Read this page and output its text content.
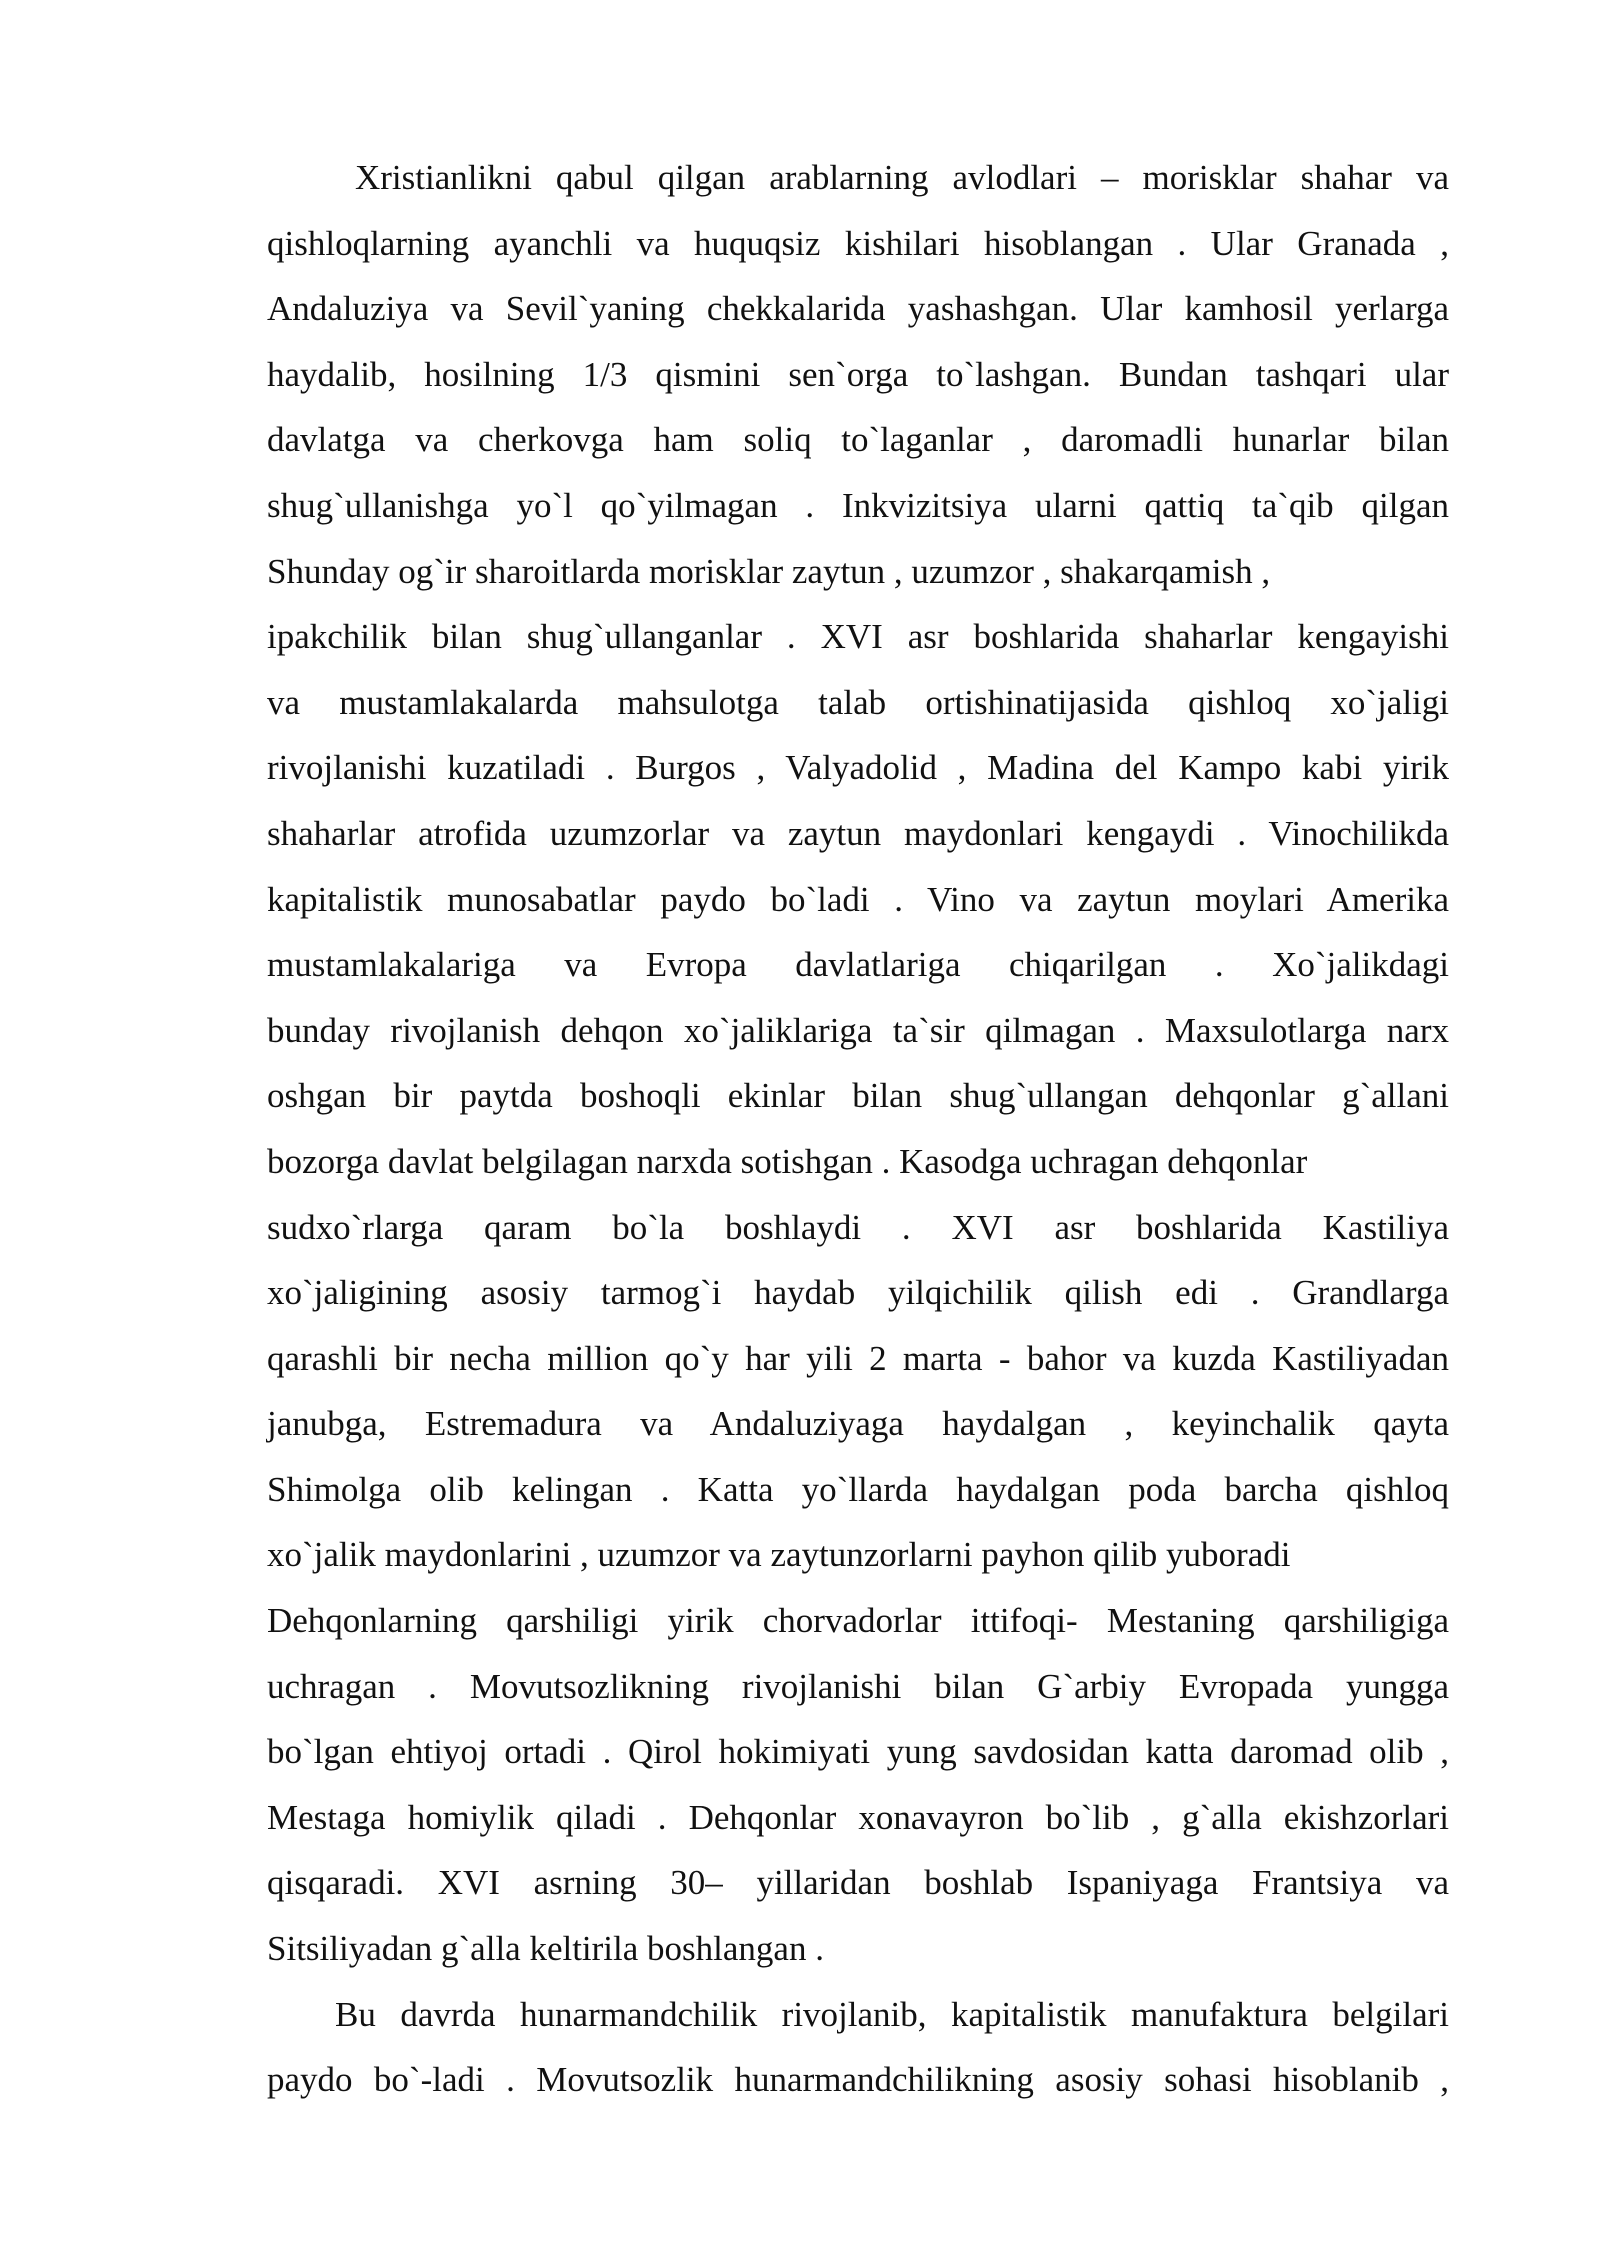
Xristianlikni qabul qilgan arablarning avlodlari – morisklar shahar va
qishloqlarning ayanchli va huquqsiz kishilari hisoblangan . Ular Granada ,
Andaluziya va Sevil`yaning chekkalarida yashashgan. Ular kamhosil yerlarga
haydalib, hosilning 1/3 qismini sen`orga to`lashgan. Bundan tashqari ular
davlatga va cherkovga ham soliq to`laganlar , daromadli hunarlar bilan
shug`ullanishga yo`l qo`yilmagan . Inkvizitsiya ularni qattiq ta`qib qilgan
Shunday og`ir sharoitlarda morisklar zaytun , uzumzor , shakarqamish ,
ipakchilik bilan shug`ullanganlar . XVI asr boshlarida shaharlar kengayishi
va mustamlakalarda mahsulotga talab ortishinatijasida qishloq xo`jaligi
rivojlanishi kuzatiladi . Burgos , Valyadolid , Madina del Kampo kabi yirik
shaharlar atrofida uzumzorlar va zaytun maydonlari kengaydi . Vinochilikda
kapitalistik munosabatlar paydo bo`ladi . Vino va zaytun moylari Amerika
mustamlakalariga va Evropa davlatlariga chiqarilgan . Xo`jalikdagi
bunday rivojlanish dehqon xo`jaliklariga ta`sir qilmagan . Maxsulotlarga narx
oshgan bir paytda boshoqli ekinlar bilan shug`ullangan dehqonlar g`allani
bozorga davlat belgilagan narxda sotishgan . Kasodga uchragan dehqonlar
sudxo`rlarga qaram bo`la boshlaydi . XVI asr boshlarida Kastiliya
xo`jaligining asosiy tarmog`i haydab yilqichilik qilish edi . Grandlarga
qarashli bir necha million qo`y har yili 2 marta - bahor va kuzda Kastiliyadan
janubga, Estremadura va Andaluziyaga haydalgan , keyinchalik qayta
Shimolga olib kelingan . Katta yo`llarda haydalgan poda barcha qishloq
xo`jalik maydonlarini , uzumzor va zaytunzorlarni payhon qilib yuboradi
Dehqonlarning qarshiligi yirik chorvadorlar ittifoqi- Mestaning qarshiligiga
uchragan . Movutsozlikning rivojlanishi bilan G`arbiy Evropada yungga
bo`lgan ehtiyoj ortadi . Qirol hokimiyati yung savdosidan katta daromad olib ,
Mestaga homiylik qiladi . Dehqonlar xonavayron bo`lib , g`alla ekishzorlari
qisqaradi. XVI asrning 30– yillaridan boshlab Ispaniyaga Frantsiya va
Sitsiliyadan g`alla keltirila boshlangan .
Bu davrda hunarmandchilik rivojlanib, kapitalistik manufaktura belgilari
paydo bo`-ladi . Movutsozlik hunarmandchilikning asosiy sohasi hisoblanib ,
